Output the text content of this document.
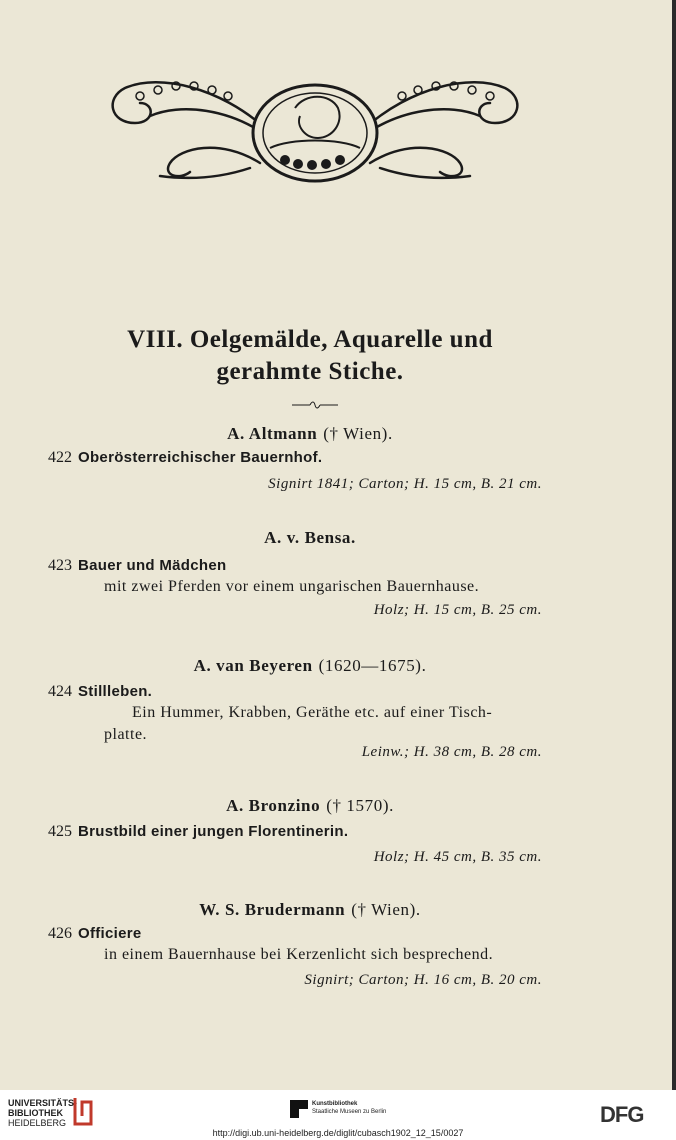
VIII. Oelgemälde, Aquarelle und
gerahmte Stiche.
A. Altmann († Wien).
422 Oberösterreichischer Bauernhof.
Signirt 1841; Carton; H. 15 cm, B. 21 cm.
A. v. Bensa.
423 Bauer und Mädchen
mit zwei Pferden vor einem ungarischen Bauernhause.
Holz; H. 15 cm, B. 25 cm.
A. van Beyeren (1620—1675).
424 Stillleben.
Ein Hummer, Krabben, Geräthe etc. auf einer Tisch-
platte.
Leinw.; H. 38 cm, B. 28 cm.
A. Bronzino († 1570).
425 Brustbild einer jungen Florentinerin.
Holz; H. 45 cm, B. 35 cm.
W. S. Brudermann († Wien).
426 Officiere
in einem Bauernhause bei Kerzenlicht sich besprechend.
Signirt; Carton; H. 16 cm, B. 20 cm.
UNIVERSITÄTS-
BIBLIOTHEK
HEIDELBERG
Kunstbibliothek
Staatliche Museen zu Berlin	DFG
http://digi.ub.uni-heidelberg.de/diglit/cubasch1902_12_15/0027
